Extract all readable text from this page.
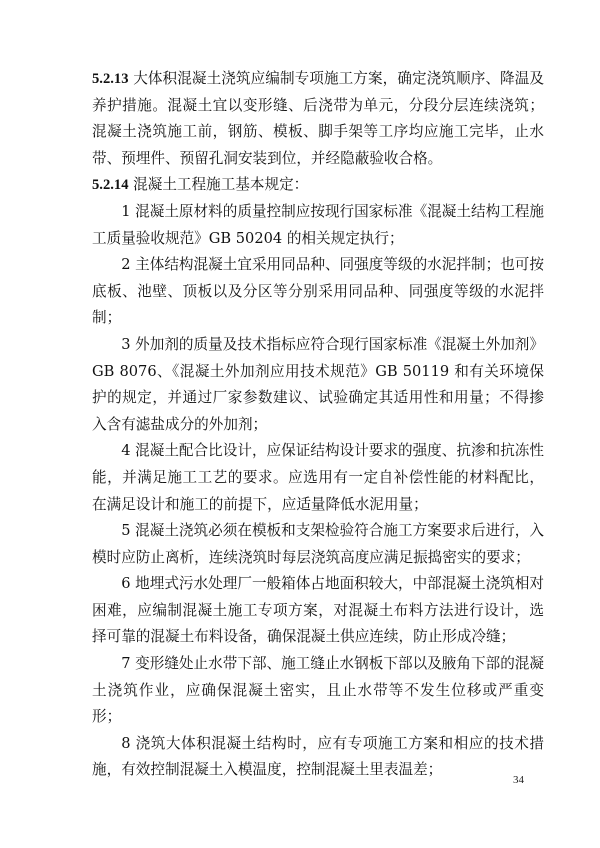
5.2.13 大体积混凝土浇筑应编制专项施工方案，确定浇筑顺序、降温及养护措施。混凝土宜以变形缝、后浇带为单元，分段分层连续浇筑；混凝土浇筑施工前，钢筋、模板、脚手架等工序均应施工完毕，止水带、预埋件、预留孔洞安装到位，并经隐蔽验收合格。

5.2.14 混凝土工程施工基本规定：

1 混凝土原材料的质量控制应按现行国家标准《混凝土结构工程施工质量验收规范》GB 50204 的相关规定执行；

2 主体结构混凝土宜采用同品种、同强度等级的水泥拌制；也可按底板、池壁、顶板以及分区等分别采用同品种、同强度等级的水泥拌制；

3 外加剂的质量及技术指标应符合现行国家标准《混凝土外加剂》GB 8076、《混凝土外加剂应用技术规范》GB 50119 和有关环境保护的规定，并通过厂家参数建议、试验确定其适用性和用量；不得掺入含有滤盐成分的外加剂；

4 混凝土配合比设计，应保证结构设计要求的强度、抗渗和抗冻性能，并满足施工工艺的要求。应选用有一定自补偿性能的材料配比，在满足设计和施工的前提下，应适量降低水泥用量；

5 混凝土浇筑必须在模板和支架检验符合施工方案要求后进行，入模时应防止离析，连续浇筑时每层浇筑高度应满足振捣密实的要求；

6 地埋式污水处理厂一般箱体占地面积较大，中部混凝土浇筑相对困难，应编制混凝土施工专项方案，对混凝土布料方法进行设计，选择可靠的混凝土布料设备，确保混凝土供应连续，防止形成冷缝；

7 变形缝处止水带下部、施工缝止水钢板下部以及腋角下部的混凝土浇筑作业，应确保混凝土密实，且止水带等不发生位移或严重变形；

8 浇筑大体积混凝土结构时，应有专项施工方案和相应的技术措施，有效控制混凝土入模温度，控制混凝土里表温差；

34
